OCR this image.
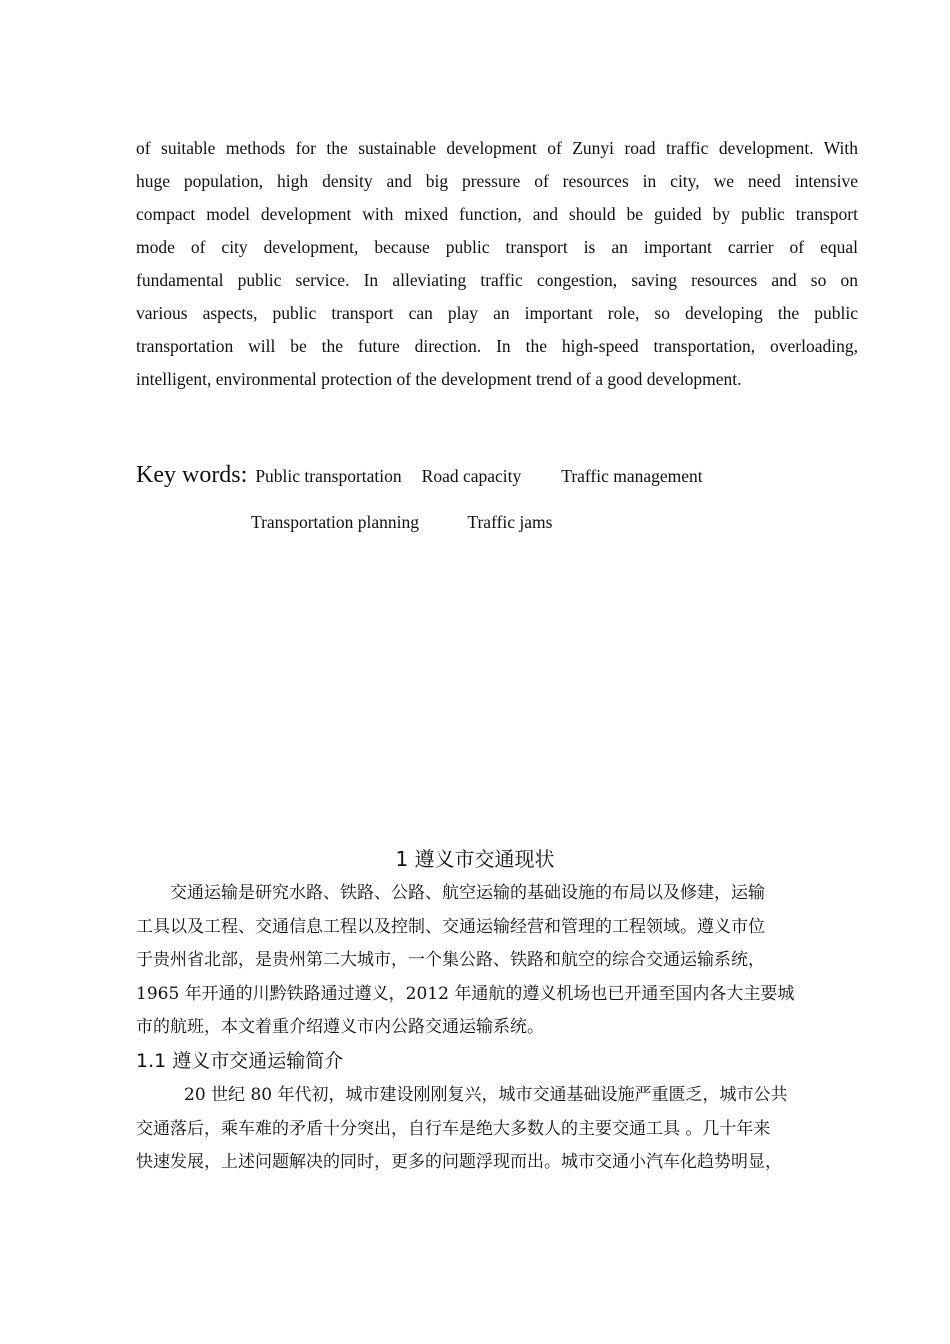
of suitable methods for the sustainable development of Zunyi road traffic development. With
huge population, high density and big pressure of resources in city, we need intensive
compact model development with mixed function, and should be guided by public transport
mode of city development, because public transport is an important carrier of equal
fundamental public service. In alleviating traffic congestion, saving resources and so on
various aspects, public transport can play an important role, so developing the public
transportation will be the future direction. In the high-speed transportation, overloading,
intelligent, environmental protection of the development trend of a good development.
Key words: Public transportation Road capacity Traffic management
Transportation planning	Traffic jams
1 遵义市交通现状
交通运输是研究水路、铁路、公路、航空运输的基础设施的布局以及修建，运输
工具以及工程、交通信息工程以及控制、交通运输经营和管理的工程领域。遵义市位
于贵州省北部，是贵州第二大城市，一个集公路、铁路和航空的综合交通运输系统，
1965 年开通的川黔铁路通过遵义，2012 年通航的遵义机场也已开通至国内各大主要城
市的航班，本文着重介绍遵义市内公路交通运输系统。
1.1 遵义市交通运输简介
20 世纪 80 年代初，城市建设刚刚复兴，城市交通基础设施严重匮乏，城市公共
交通落后，乘车难的矛盾十分突出，自行车是绝大多数人的主要交通工具 。几十年来
快速发展，上述问题解决的同时，更多的问题浮现而出。城市交通小汽车化趋势明显，
